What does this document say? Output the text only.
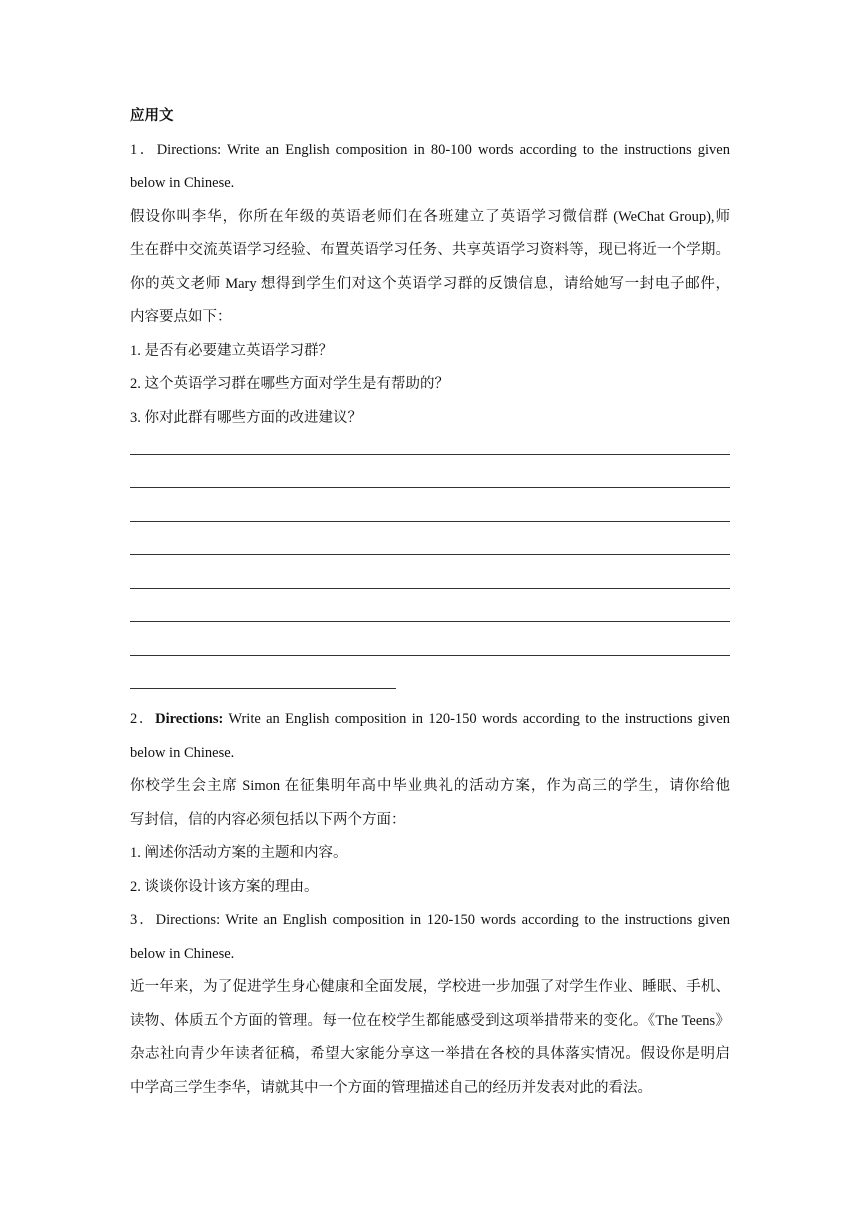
应用文
1．Directions: Write an English composition in 80-100 words according to the instructions given
below in Chinese.
假设你叫李华，你所在年级的英语老师们在各班建立了英语学习微信群 (WeChat Group),师
生在群中交流英语学习经验、布置英语学习任务、共享英语学习资料等，现已将近一个学期。
你的英文老师 Mary 想得到学生们对这个英语学习群的反馈信息，请给她写一封电子邮件，
内容要点如下：
1. 是否有必要建立英语学习群？
2. 这个英语学习群在哪些方面对学生是有帮助的？
3. 你对此群有哪些方面的改进建议？
2．Directions: Write an English composition in 120-150 words according to the instructions given
below in Chinese.
你校学生会主席 Simon 在征集明年高中毕业典礼的活动方案，作为高三的学生，请你给他
写封信，信的内容必须包括以下两个方面：
1. 阐述你活动方案的主题和内容。
2. 谈谈你设计该方案的理由。
3．Directions: Write an English composition in 120-150 words according to the instructions given
below in Chinese.
近一年来，为了促进学生身心健康和全面发展，学校进一步加强了对学生作业、睡眠、手机、
读物、体质五个方面的管理。每一位在校学生都能感受到这项举措带来的变化。《The Teens》
杂志社向青少年读者征稿，希望大家能分享这一举措在各校的具体落实情况。假设你是明启
中学高三学生李华，请就其中一个方面的管理描述自己的经历并发表对此的看法。
